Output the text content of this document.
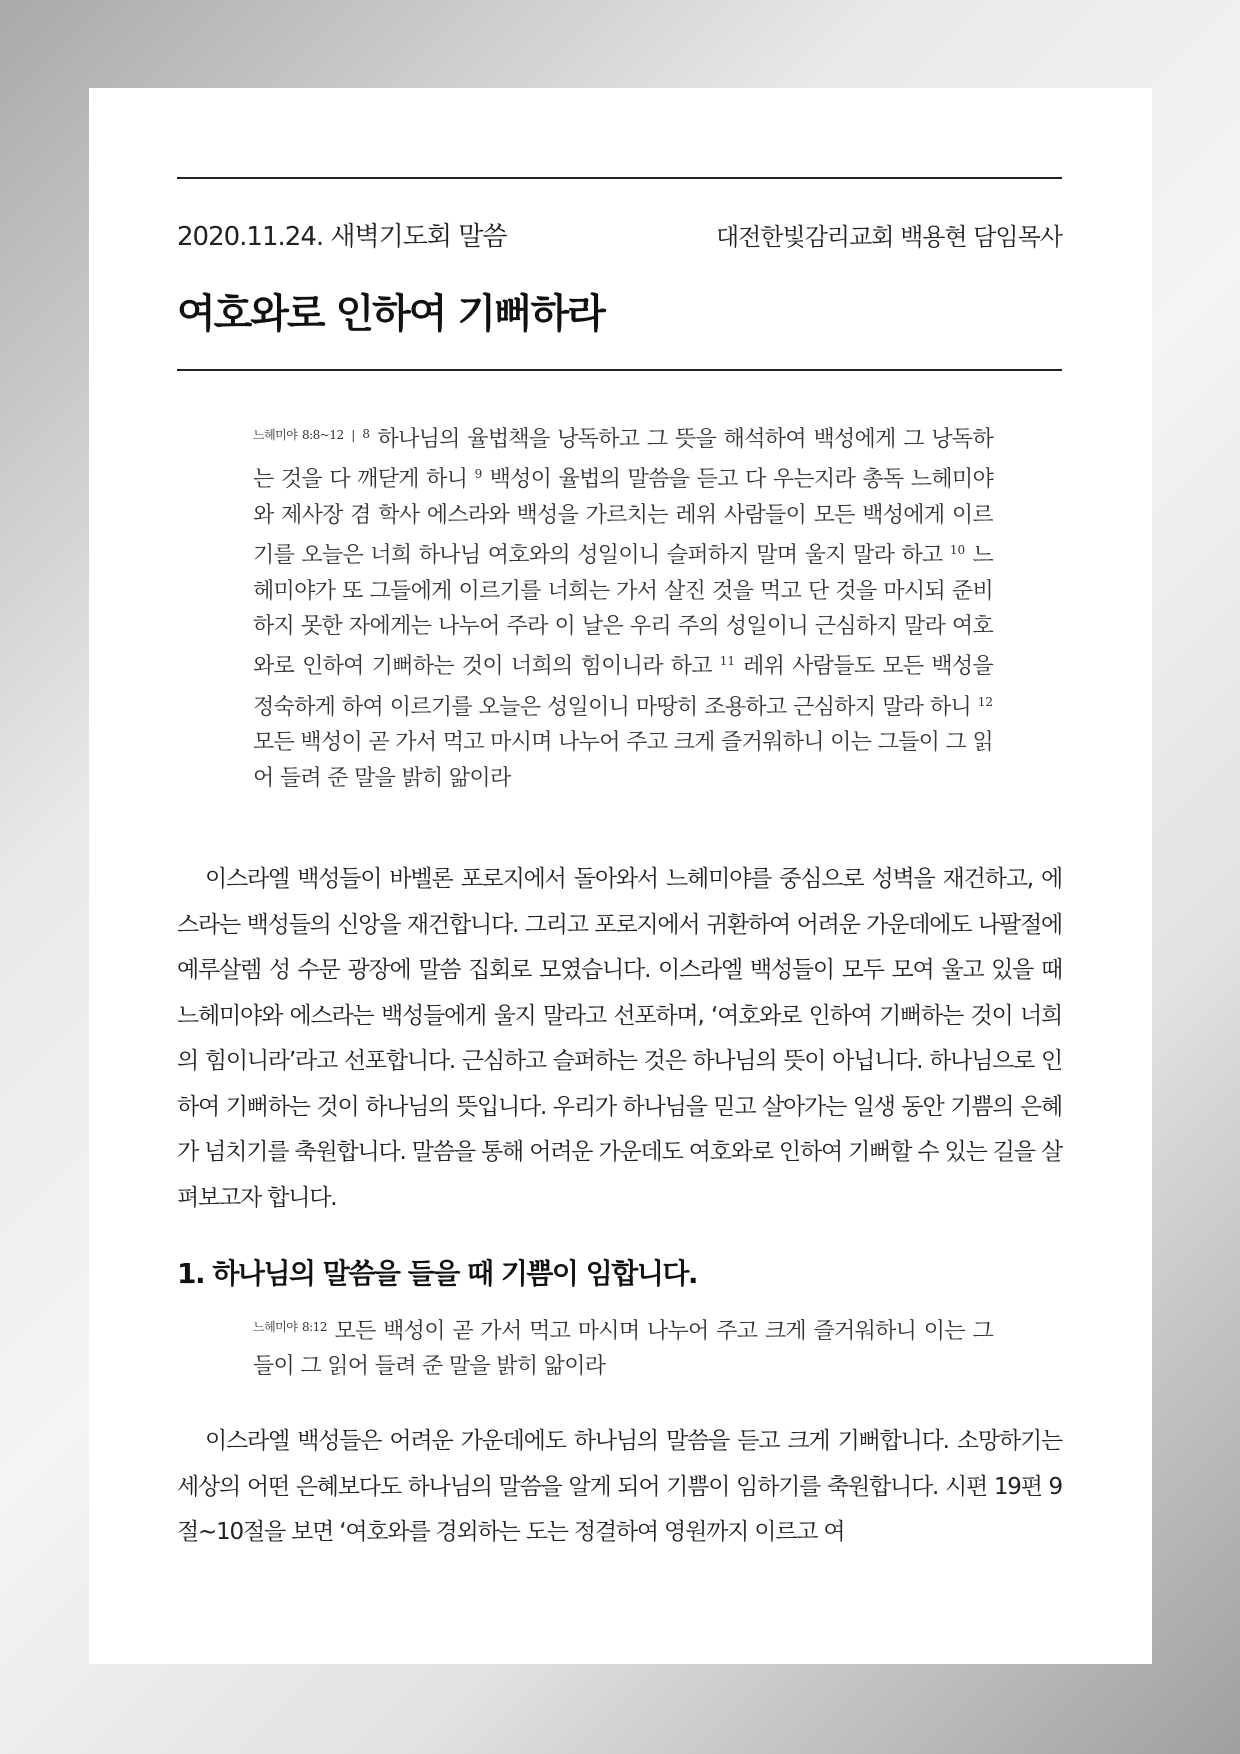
2020.11.24. 새벽기도회 말씀	대전한빛감리교회 백용현 담임목사
여호와로 인하여 기뻐하라

$^{느헤미야 8:8\sim 12}$ | $^8$ 하나님의 율법책을 낭독하고 그 뜻을 해석하여 백성에게 그 낭독하는 것을 다 깨닫게 하니 $^9$ 백성이 율법의 말씀을 듣고 다 우는지라 총독 느헤미야와 제사장 겸 학사 에스라와 백성을 가르치는 레위 사람들이 모든 백성에게 이르기를 오늘은 너희 하나님 여호와의 성일이니 슬퍼하지 말며 울지 말라 하고 $^{10}$ 느헤미야가 또 그들에게 이르기를 너희는 가서 살진 것을 먹고 단 것을 마시되 준비하지 못한 자에게는 나누어 주라 이 날은 우리 주의 성일이니 근심하지 말라 여호와로 인하여 기뻐하는 것이 너희의 힘이니라 하고 $^{11}$ 레위 사람들도 모든 백성을 정숙하게 하여 이르기를 오늘은 성일이니 마땅히 조용하고 근심하지 말라 하니 $^{12}$ 모든 백성이 곧 가서 먹고 마시며 나누어 주고 크게 즐거워하니 이는 그들이 그 읽어 들려 준 말을 밝히 앎이라

이스라엘 백성들이 바벨론 포로지에서 돌아와서 느헤미야를 중심으로 성벽을 재건하고, 에스라는 백성들의 신앙을 재건합니다. 그리고 포로지에서 귀환하여 어려운 가운데에도 나팔절에 예루살렘 성 수문 광장에 말씀 집회로 모였습니다. 이스라엘 백성들이 모두 모여 울고 있을 때 느헤미야와 에스라는 백성들에게 울지 말라고 선포하며, ‘여호와로 인하여 기뻐하는 것이 너희의 힘이니라’라고 선포합니다. 근심하고 슬퍼하는 것은 하나님의 뜻이 아닙니다. 하나님으로 인하여 기뻐하는 것이 하나님의 뜻입니다. 우리가 하나님을 믿고 살아가는 일생 동안 기쁨의 은혜가 넘치기를 축원합니다. 말씀을 통해 어려운 가운데도 여호와로 인하여 기뻐할 수 있는 길을 살펴보고자 합니다.

1. 하나님의 말씀을 들을 때 기쁨이 임합니다.

$^{느헤미야 8:12}$ 모든 백성이 곧 가서 먹고 마시며 나누어 주고 크게 즐거워하니 이는 그들이 그 읽어 들려 준 말을 밝히 앎이라

이스라엘 백성들은 어려운 가운데에도 하나님의 말씀을 듣고 크게 기뻐합니다. 소망하기는 세상의 어떤 은혜보다도 하나님의 말씀을 알게 되어 기쁨이 임하기를 축원합니다. 시편 19편 9절~10절을 보면 ‘여호와를 경외하는 도는 정결하여 영원까지 이르고 여
